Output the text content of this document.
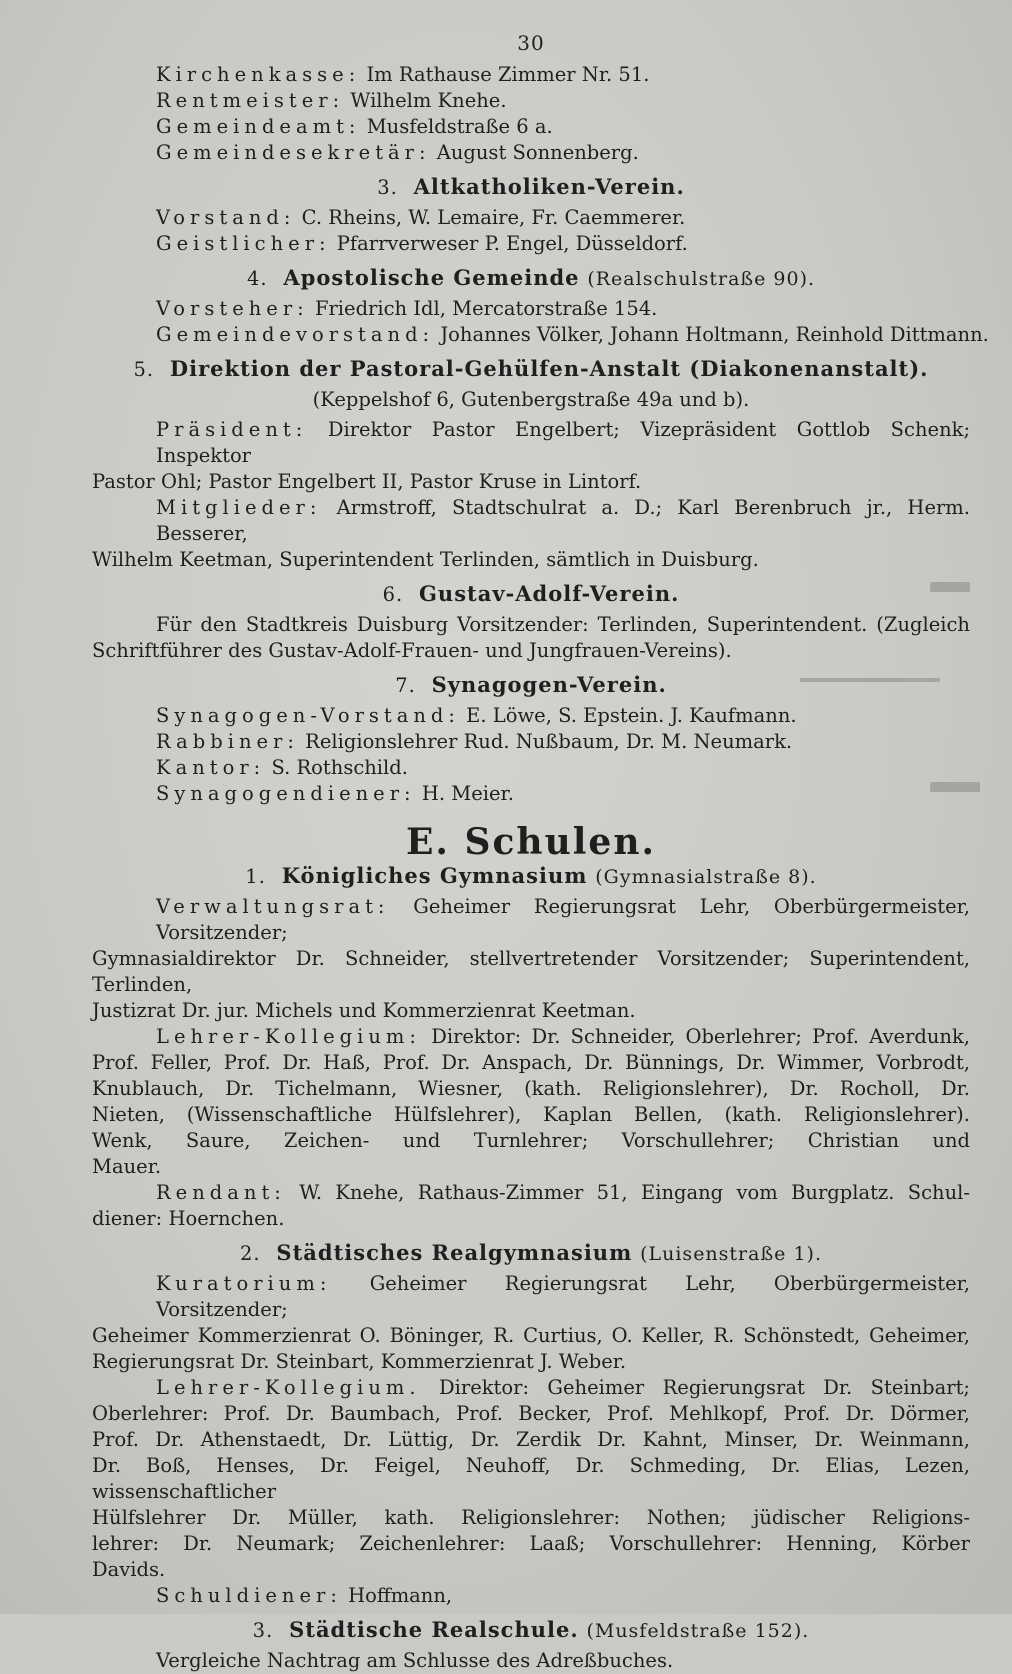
30

Kirchenkasse: Im Rathause Zimmer Nr. 51.

Rentmeister: Wilhelm Knehe.

Gemeindeamt: Musfeldstraße 6 a.

Gemeindesekretär: August Sonnenberg.

3. Altkatholiken-Verein.

Vorstand: C. Rheins, W. Lemaire, Fr. Caemmerer.

Geistlicher: Pfarrverweser P. Engel, Düsseldorf.

4. Apostolische Gemeinde (Realschulstraße 90).

Vorsteher: Friedrich Idl, Mercatorstraße 154.

Gemeindevorstand: Johannes Völker, Johann Holtmann, Reinhold Dittmann.

5. Direktion der Pastoral-Gehülfen-Anstalt (Diakonenanstalt).
(Keppelshof 6, Gutenbergstraße 49a und b).

Präsident: Direktor Pastor Engelbert; Vizepräsident Gottlob Schenk; Inspektor

Pastor Ohl; Pastor Engelbert II, Pastor Kruse in Lintorf.

Mitglieder: Armstroff, Stadtschulrat a. D.; Karl Berenbruch jr., Herm. Besserer,

Wilhelm Keetman, Superintendent Terlinden, sämtlich in Duisburg.

6. Gustav-Adolf-Verein.

Für den Stadtkreis Duisburg Vorsitzender: Terlinden, Superintendent. (Zugleich

Schriftführer des Gustav-Adolf-Frauen- und Jungfrauen-Vereins).

7. Synagogen-Verein.

Synagogen-Vorstand: E. Löwe, S. Epstein. J. Kaufmann.

Rabbiner: Religionslehrer Rud. Nußbaum, Dr. M. Neumark.

Kantor: S. Rothschild.

Synagogendiener: H. Meier.

E. Schulen.
1. Königliches Gymnasium (Gymnasialstraße 8).

Verwaltungsrat: Geheimer Regierungsrat Lehr, Oberbürgermeister, Vorsitzender;

Gymnasialdirektor Dr. Schneider, stellvertretender Vorsitzender; Superintendent, Terlinden,

Justizrat Dr. jur. Michels und Kommerzienrat Keetman.

Lehrer-Kollegium: Direktor: Dr. Schneider, Oberlehrer; Prof. Averdunk,

Prof. Feller, Prof. Dr. Haß, Prof. Dr. Anspach, Dr. Bünnings, Dr. Wimmer, Vorbrodt,

Knublauch, Dr. Tichelmann, Wiesner, (kath. Religionslehrer), Dr. Rocholl, Dr.

Nieten, (Wissenschaftliche Hülfslehrer), Kaplan Bellen, (kath. Religionslehrer).

Wenk, Saure, Zeichen- und Turnlehrer; Vorschullehrer; Christian und

Mauer.

Rendant: W. Knehe, Rathaus-Zimmer 51, Eingang vom Burgplatz. Schul-

diener: Hoernchen.

2. Städtisches Realgymnasium (Luisenstraße 1).

Kuratorium: Geheimer Regierungsrat Lehr, Oberbürgermeister, Vorsitzender;

Geheimer Kommerzienrat O. Böninger, R. Curtius, O. Keller, R. Schönstedt, Geheimer,

Regierungsrat Dr. Steinbart, Kommerzienrat J. Weber.

Lehrer-Kollegium. Direktor: Geheimer Regierungsrat Dr. Steinbart;

Oberlehrer: Prof. Dr. Baumbach, Prof. Becker, Prof. Mehlkopf, Prof. Dr. Dörmer,

Prof. Dr. Athenstaedt, Dr. Lüttig, Dr. Zerdik Dr. Kahnt, Minser, Dr. Weinmann,

Dr. Boß, Henses, Dr. Feigel, Neuhoff, Dr. Schmeding, Dr. Elias, Lezen, wissenschaftlicher

Hülfslehrer Dr. Müller, kath. Religionslehrer: Nothen; jüdischer Religions-

lehrer: Dr. Neumark; Zeichenlehrer: Laaß; Vorschullehrer: Henning, Körber

Davids.

Schuldiener: Hoffmann,

3. Städtische Realschule. (Musfeldstraße 152).

Vergleiche Nachtrag am Schlusse des Adreßbuches.
